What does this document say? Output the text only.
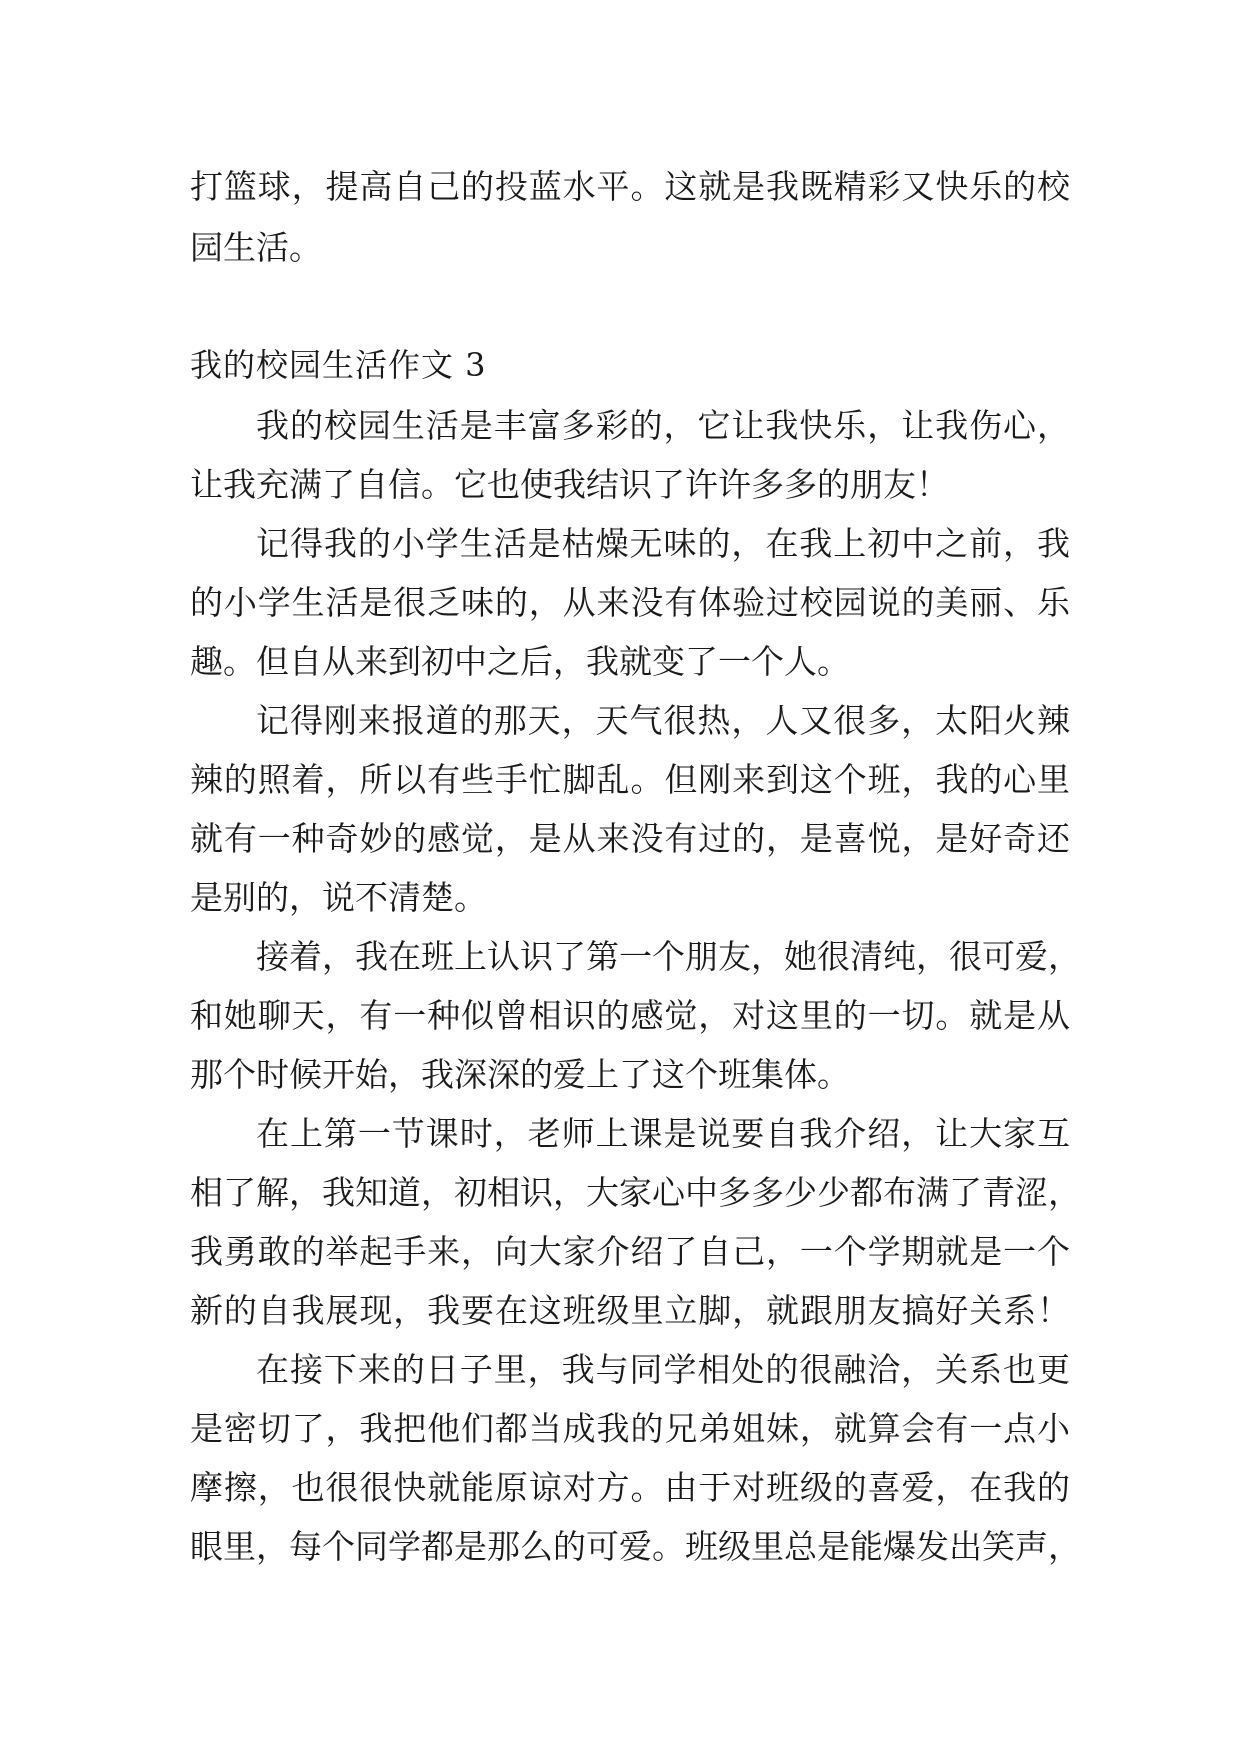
打篮球，提高自己的投蓝水平。这就是我既精彩又快乐的校
园生活。
我的校园生活作文 3
我的校园生活是丰富多彩的，它让我快乐，让我伤心，
让我充满了自信。它也使我结识了许许多多的朋友！
记得我的小学生活是枯燥无味的，在我上初中之前，我
的小学生活是很乏味的，从来没有体验过校园说的美丽、乐
趣。但自从来到初中之后，我就变了一个人。
记得刚来报道的那天，天气很热，人又很多，太阳火辣
辣的照着，所以有些手忙脚乱。但刚来到这个班，我的心里
就有一种奇妙的感觉，是从来没有过的，是喜悦，是好奇还
是别的，说不清楚。
接着，我在班上认识了第一个朋友，她很清纯，很可爱，
和她聊天，有一种似曾相识的感觉，对这里的一切。就是从
那个时候开始，我深深的爱上了这个班集体。
在上第一节课时，老师上课是说要自我介绍，让大家互
相了解，我知道，初相识，大家心中多多少少都布满了青涩，
我勇敢的举起手来，向大家介绍了自己，一个学期就是一个
新的自我展现，我要在这班级里立脚，就跟朋友搞好关系！
在接下来的日子里，我与同学相处的很融洽，关系也更
是密切了，我把他们都当成我的兄弟姐妹，就算会有一点小
摩擦，也很很快就能原谅对方。由于对班级的喜爱，在我的
眼里，每个同学都是那么的可爱。班级里总是能爆发出笑声，
